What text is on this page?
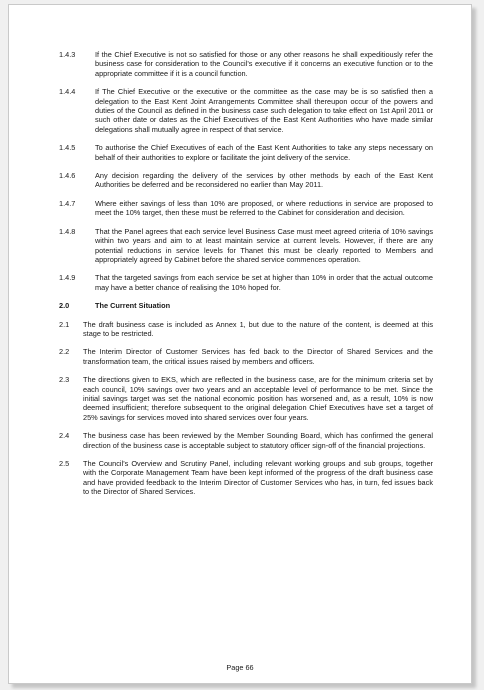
1.4.3	If the Chief Executive is not so satisfied for those or any other reasons he shall expeditiously refer the business case for consideration to the Council’s executive if it concerns an executive function or to the appropriate committee if it is a council function.

1.4.4	If The Chief Executive or the executive or the committee as the case may be is so satisfied then a delegation to the East Kent Joint Arrangements Committee shall thereupon occur of the powers and duties of the Council as defined in the business case such delegation to take effect on 1st April 2011 or such other date or dates as the Chief Executives of the East Kent Authorities who have made similar delegations shall mutually agree in respect of that service.

1.4.5	To authorise the Chief Executives of each of the East Kent Authorities to take any steps necessary on behalf of their authorities to explore or facilitate the joint delivery of the service.

1.4.6	Any decision regarding the delivery of the services by other methods by each of the East Kent Authorities be deferred and be reconsidered no earlier than May 2011.

1.4.7	Where either savings of less than 10% are proposed, or where reductions in service are proposed to meet the 10% target, then these must be referred to the Cabinet for consideration and decision.

1.4.8	That the Panel agrees that each service level Business Case must meet agreed criteria of 10% savings within two years and aim to at least maintain service at current levels. However, if there are any potential reductions in service levels for Thanet this must be clearly reported to Members and appropriately agreed by Cabinet before the shared service commences operation.

1.4.9	That the targeted savings from each service be set at higher than 10% in order that the actual outcome may have a better chance of realising the 10% hoped for.

2.0	The Current Situation
2.1	The draft business case is included as Annex 1, but due to the nature of the content, is deemed at this stage to be restricted.

2.2	The Interim Director of Customer Services has fed back to the Director of Shared Services and the transformation team, the critical issues raised by members and officers.

2.3	The directions given to EKS, which are reflected in the business case, are for the minimum criteria set by each council, 10% savings over two years and an acceptable level of performance to be met. Since the initial savings target was set the national economic position has worsened and, as a result, 10% is now deemed insufficient; therefore subsequent to the original delegation Chief Executives have set a target of 25% savings for services moved into shared services over four years.

2.4	The business case has been reviewed by the Member Sounding Board, which has confirmed the general direction of the business case is acceptable subject to statutory officer sign-off of the financial projections.

2.5	The Council’s Overview and Scrutiny Panel, including relevant working groups and sub groups, together with the Corporate Management Team have been kept informed of the progress of the draft business case and have provided feedback to the Interim Director of Customer Services who has, in turn, fed issues back to the Director of Shared Services.

Page 66
